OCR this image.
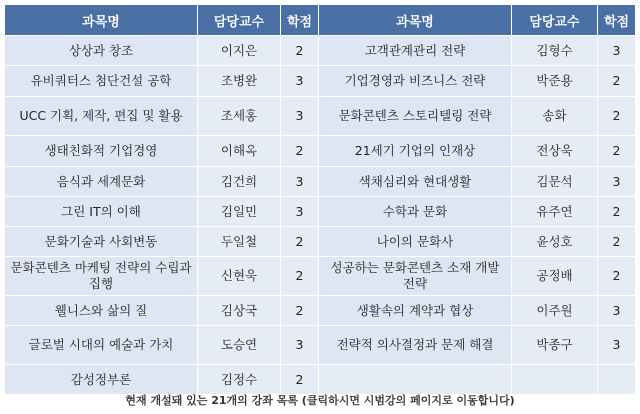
과목명	담당교수	학점	과목명	담당교수	학점
상상과 창조	이지은	2	고객관계관리 전략	김형수	3
유비쿼터스 첨단건설 공학	조병완	3	기업경영과 비즈니스 전략	박준용	2
UCC 기획, 제작, 편집 및 활용	조세홍	3	문화콘텐츠 스토리텔링 전략	송화	2
생태친화적 기업경영	이해옥	2	21세기 기업의 인재상	전상욱	2
음식과 세계문화	김건희	3	색채심리와 현대생활	김문석	3
그린 IT의 이해	김일민	3	수학과 문화	유주연	2
문화기술과 사회변동	두일철	2	나이의 문화사	윤성호	2
문화콘텐츠 마케팅 전략의 수립과 집행	신현욱	2	성공하는 문화콘텐츠 소재 개발 전략	공정배	2
웰니스와 삶의 질	김상국	2	생활속의 계약과 협상	이주원	3
글로벌 시대의 예술과 가치	도승연	3	전략적 의사결정과 문제 해결	박종구	3
감성정부론	김정수	2			
현재 개설돼 있는 21개의 강좌 목록 (클릭하시면 시범강의 페이지로 이동합니다)
